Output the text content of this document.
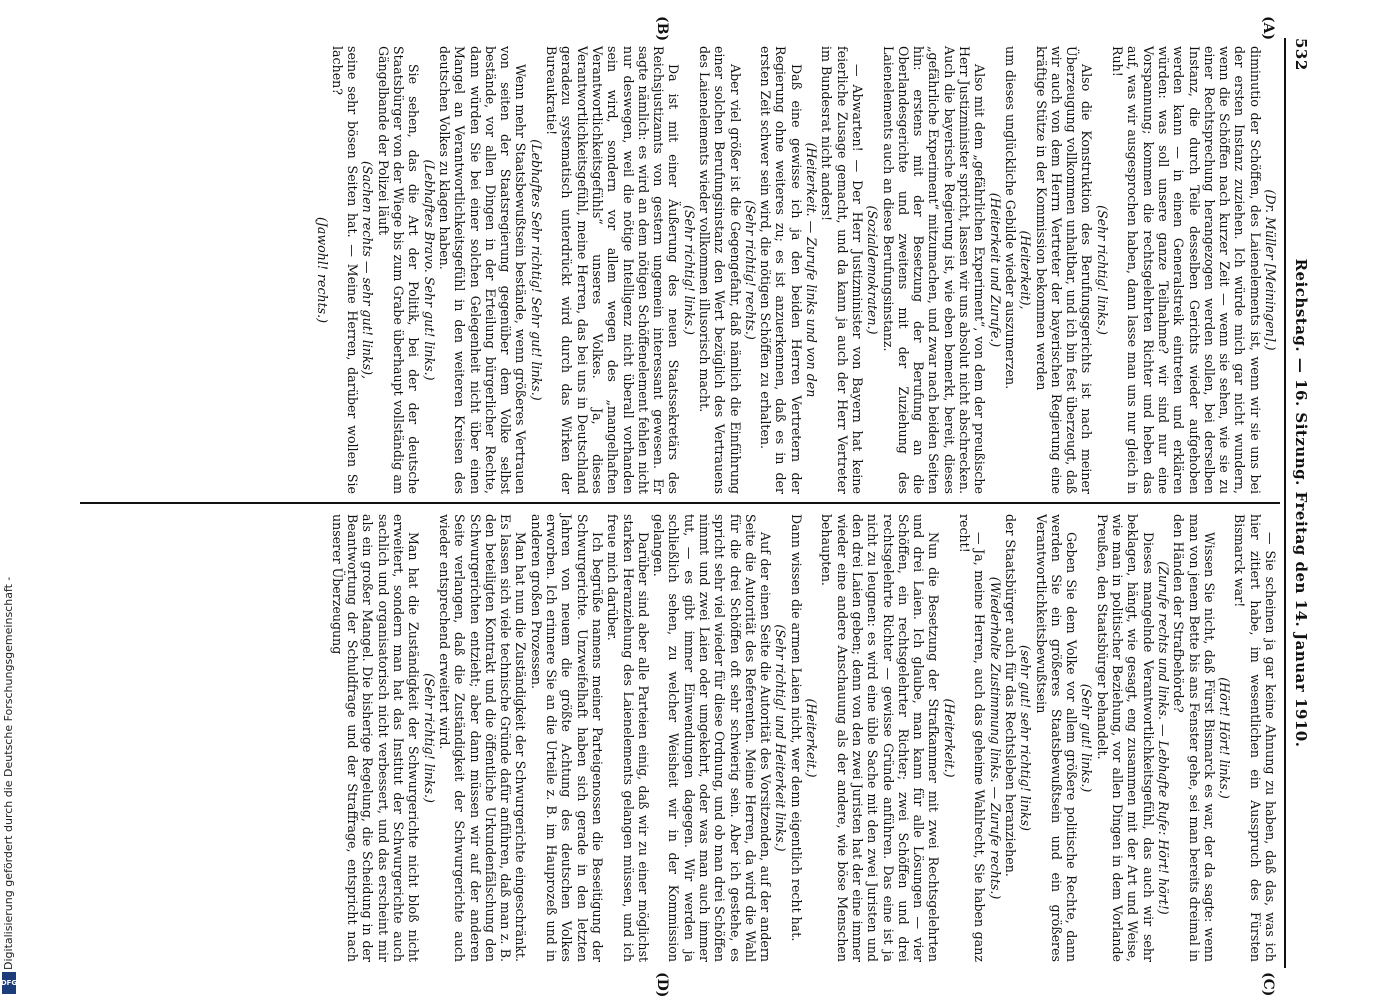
Digitalisierung gefördert durch die Deutsche Forschungsgemeinschaft -
DFG
532
Reichstag. — 16. Sitzung. Freitag den 14. Januar 1910.
(A)
(B)
(C)
(D)

(Dr. Müller [Meiningen].)

diminutio der Schöffen, des Laienelements ist, wenn wir sie uns bei der ersten Instanz zuziehen. Ich würde mich gar nicht wundern, wenn die Schöffen nach kurzer Zeit — wenn sie sehen, wie sie zu einer Rechtsprechung herangezogen werden sollen, bei derselben Instanz, die durch Teile desselben Gerichts wieder aufgehoben werden kann — in einen Generalstreik eintreten und erklären würden: was soll unsere ganze Teilnahme? wir sind nur eine Vorspannung; kommen die rechtsgelehrten Richter und heben das auf, was wir ausgesprochen haben, dann lasse man uns nur gleich in Ruh!

(Sehr richtig! links.)

Also die Konstruktion des Berufungsgerichts ist nach meiner Überzeugung vollkommen unhaltbar, und ich bin fest überzeugt, daß wir auch von dem Herrn Vertreter der bayerischen Regierung eine kräftige Stütze in der Kommission bekommen werden

(Heiterkeit),

um dieses unglückliche Gebilde wieder auszumerzen.

(Heiterkeit und Zurufe.)

Also mit dem „gefährlichen Experiment“, von dem der preußische Herr Justizminister spricht, lassen wir uns absolut nicht abschrecken. Auch die bayerische Regierung ist, wie eben bemerkt, bereit, dieses „gefährliche Experiment“ mitzumachen, und zwar nach beiden Seiten hin: erstens mit der Besetzung der Berufung an die Oberlandesgerichte und zweitens mit der Zuziehung des Laienelements auch an diese Berufungsinstanz.

(Sozialdemokraten.)

— Abwarten! — Der Herr Justizminister von Bayern hat keine feierliche Zusage gemacht, und da kann ja auch der Herr Vertreter im Bundesrat nicht anders!

(Heiterkeit. — Zurufe links und von den

Daß eine gewisse ich ja den beiden Herren Vertretern der Regierung ohne weiteres zu; es ist anzuerkennen, daß es in der ersten Zeit schwer sein wird, die nötigen Schöffen zu erhalten.

(Sehr richtig! rechts.)

Aber viel größer ist die Gegengefahr, daß nämlich die Einführung einer solchen Berufungsinstanz den Wert bezüglich des Vertrauens des Laienelements wieder vollkommen illusorisch macht.

(Sehr richtig! links.)

Da ist mit einer Äußerung des neuen Staatssekretärs des Reichsjustizamts von gestern ungemein interessant gewesen. Er sagte nämlich: es wird an dem nötigen Schöffenelement fehlen nicht nur deswegen, weil die nötige Intelligenz nicht überall vorhanden sein wird, sondern vor allem wegen des „mangelhaften Verantwortlichkeitsgefühls“ unseres Volkes. Ja, dieses Verantwortlichkeitsgefühl, meine Herren, das bei uns in Deutschland geradezu systematisch unterdrückt wird durch das Wirken der Bureaukratie!

(Lebhaftes Sehr richtig! Sehr gut! links.)

Wenn mehr Staatsbewußtsein bestände, wenn größeres Vertrauen von seiten der Staatsregierung gegenüber dem Volke selbst bestände, vor allen Dingen in der Erteilung bürgerlicher Rechte, dann würden Sie bei einer solchen Gelegenheit nicht über einen Mangel an Verantwortlichkeitsgefühl in den weiteren Kreisen des deutschen Volkes zu klagen haben.

(Lebhaftes Bravo. Sehr gut! links.)

Sie sehen, das die Art der Politik, bei der der deutsche Staatsbürger von der Wiege bis zum Grabe überhaupt vollständig am Gängelbande der Polizei läuft

(Sachen rechts — sehr gut! links),

seine sehr bösen Seiten hat. — Meine Herren, darüber wollen Sie lachen?

(Jawohl! rechts.)

— Sie scheinen ja gar keine Ahnung zu haben, daß das, was ich hier zitiert habe, im wesentlichen ein Ausspruch des Fürsten Bismarck war!

(Hört! Hört! links.)

Wissen Sie nicht, daß Fürst Bismarck es war, der da sagte: wenn man von jenem Bette bis ans Fenster gehe, sei man bereits dreimal in den Händen der Strafbehörde?

(Zurufe rechts und links. — Lebhafte Rufe: Hört! hört!)

Dieses mangelnde Verantwortlichkeitsgefühl, das auch wir sehr beklagen, hängt, wie gesagt, eng zusammen mit der Art und Weise, wie man in politischer Beziehung, vor allen Dingen in dem Vorlande Preußen, den Staatsbürger behandelt.

(Sehr gut! links.)

Geben Sie dem Volke vor allem größere politische Rechte, dann werden Sie ein größeres Staatsbewußtsein und ein größeres Verantwortlichkeitsbewußtsein

(sehr gut! sehr richtig! links)

der Staatsbürger auch für das Rechtsleben heranziehen.

(Wiederholte Zustimmung links. — Zurufe rechts.)

— Ja, meine Herren, auch das geheime Wahlrecht, Sie haben ganz recht!

(Heiterkeit.)

Nun die Besetzung der Strafkammer mit zwei Rechtsgelehrten und drei Laien. Ich glaube, man kann für alle Lösungen — vier Schöffen, ein rechtsgelehrter Richter; zwei Schöffen und drei rechtsgelehrte Richter — gewisse Gründe anführen. Das eine ist ja nicht zu leugnen: es wird eine üble Sache mit den zwei Juristen und den drei Laien geben; denn von den zwei Juristen hat der eine immer wieder eine andere Anschauung als der andere, wie böse Menschen behaupten.

(Heiterkeit.)

Dann wissen die armen Laien nicht, wer denn eigentlich recht hat.

(Sehr richtig! und Heiterkeit links.)

Auf der einen Seite die Autorität des Vorsitzenden, auf der andern Seite die Autorität des Referenten. Meine Herren, da wird die Wahl für die drei Schöffen oft sehr schwierig sein. Aber ich gestehe, es spricht sehr viel wieder für diese Ordnung, und ob man drei Schöffen nimmt und zwei Laien oder umgekehrt, oder was man auch immer tut, — es gibt immer Einwendungen dagegen. Wir werden ja schließlich sehen, zu welcher Weisheit wir in der Kommission gelangen.

Darüber sind aber alle Parteien einig, daß wir zu einer möglichst starken Heranziehung des Laienelements gelangen müssen, und ich freue mich darüber.

Ich begrüße namens meiner Parteigenossen die Beseitigung der Schwurgerichte. Unzweifelhaft haben sich gerade in den letzten Jahren von neuem die größte Achtung des deutschen Volkes erworben. Ich erinnere Sie an die Urteile z. B. im Hauprozeß und in anderen großen Prozessen.

Man hat nun die Zuständigkeit der Schwurgerichte eingeschränkt. Es lassen sich viele technische Gründe dafür anführen, daß man z. B. den beteiligten Kontrakt und die öffentliche Urkundenfälschung den Schwurgerichten entzieht; aber dann müssen wir auf der anderen Seite verlangen, daß die Zuständigkeit der Schwurgerichte auch wieder entsprechend erweitert wird.

(Sehr richtig! links.)

Man hat die Zuständigkeit der Schwurgerichte nicht bloß nicht erweitert, sondern man hat das Institut der Schwurgerichte auch sachlich und organisatorisch nicht verbessert, und das erscheint mir als ein großer Mangel. Die bisherige Regelung, die Scheidung in der Beantwortung der Schuldfrage und der Straffrage, entspricht nach unserer Überzeugung
